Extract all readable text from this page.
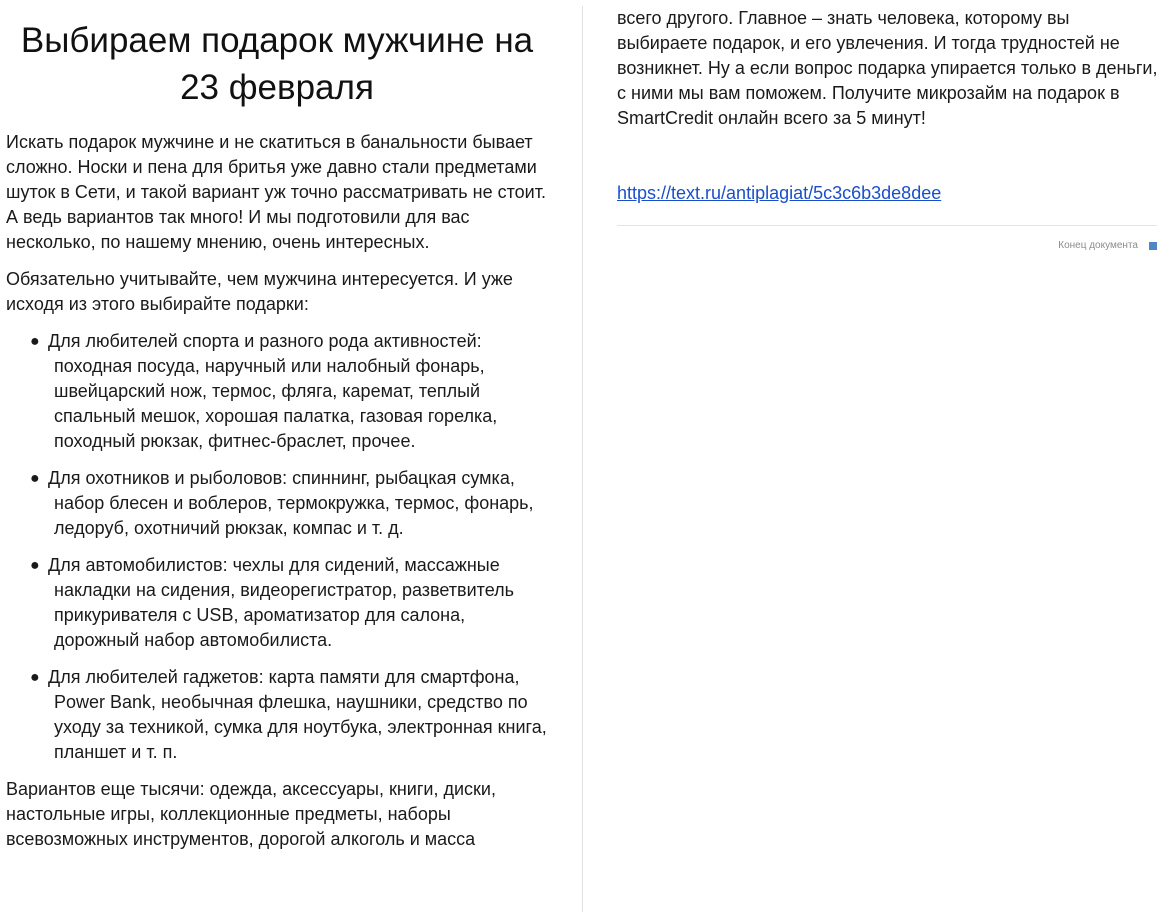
Выбираем подарок мужчине на 23 февраля

Искать подарок мужчине и не скатиться в банальности бывает сложно. Носки и пена для бритья уже давно стали предметами шуток в Сети, и такой вариант уж точно рассматривать не стоит. А ведь вариантов так много! И мы подготовили для вас несколько, по нашему мнению, очень интересных.

Обязательно учитывайте, чем мужчина интересуется. И уже исходя из этого выбирайте подарки:

● Для любителей спорта и разного рода активностей: походная посуда, наручный или налобный фонарь, швейцарский нож, термос, фляга, каремат, теплый спальный мешок, хорошая палатка, газовая горелка, походный рюкзак, фитнес-браслет, прочее.
● Для охотников и рыболовов: спиннинг, рыбацкая сумка, набор блесен и воблеров, термокружка, термос, фонарь, ледоруб, охотничий рюкзак, компас и т. д.
● Для автомобилистов: чехлы для сидений, массажные накладки на сидения, видеорегистратор, разветвитель прикуривателя с USB, ароматизатор для салона, дорожный набор автомобилиста.
● Для любителей гаджетов: карта памяти для смартфона, Power Bank, необычная флешка, наушники, средство по уходу за техникой, сумка для ноутбука, электронная книга, планшет и т. п.

Вариантов еще тысячи: одежда, аксессуары, книги, диски, настольные игры, коллекционные предметы, наборы всевозможных инструментов, дорогой алкоголь и масса

всего другого. Главное – знать человека, которому вы выбираете подарок, и его увлечения. И тогда трудностей не возникнет. Ну а если вопрос подарка упирается только в деньги, с ними мы вам поможем. Получите микрозайм на подарок в SmartCredit онлайн всего за 5 минут!

https://text.ru/antiplagiat/5c3c6b3de8dee
Конец документа
